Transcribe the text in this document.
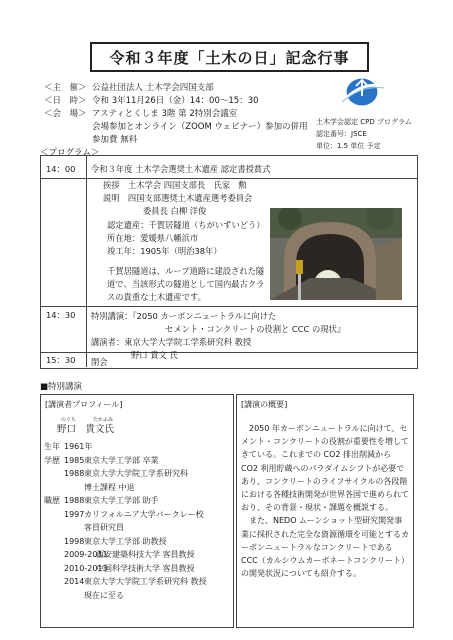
令和３年度「土木の日」記念行事
＜主　催＞ 公益社団法人 土木学会四国支部
＜日　時＞ 令和 3年11月26日（金）14：00～15：30
＜会　場＞ アスティとくしま 3階 第 2特別会議室
会場参加とオンライン（ZOOM ウェビナー）参加の併用
参加費 無料
土木学会認定 CPD プログラム
認定番号：JSCE
単位：1.5 単位 予定
＜プログラム＞
14：00
14：30
15：30
令和３年度 土木学会選奨土木遺産 認定書授賞式
挨拶　土木学会 四国支部長　氏家　勲
説明　四国支部選奨土木遺産選考委員会
委員長 白柳 洋俊
認定遺産：千賀居隧道（ちがいずいどう）
所在地：愛媛県八幡浜市
竣工年：1905年（明治38年）
千賀居隧道は、ループ道路に建設された隧
道で、当該形式の隧道として国内最古クラ
スの貴重な土木遺産です。
特別講演：『2050 カーボンニュートラルに向けた
セメント・コンクリートの役割と CCC の現状』
講演者：東京大学大学院工学系研究科 教授
野口 貴文 氏
閉会
■特別講演
[講演者プロフィール]
のぐち	たかふみ
野口　貴文氏
生年 1961年
学歴 1985 東京大学工学部 卒業
1988 東京大学大学院工学系研究科
博士課程 中退
職歴 1988 東京大学工学部 助手
1997 カリフォルニア大学バークレー校
客員研究員
1998 東京大学工学部 助教授
2009-2011
西安建築科技大学 客員教授
2010-2013
中国科学技術大学 客員教授
2014 東京大学大学院工学系研究科 教授
現在に至る
[講演の概要]

2050 年カーボンニュートラルに向けて、セメント・コンクリートの役割が重要性を増してきている。これまでの CO2 排出削減から CO2 利用貯蔵へのパラダイムシフトが必要であり、コンクリートのライフサイクルの各段階における各種技術開発が世界各国で進められており、その背景・現状・課題を概説する。

また、NEDO ムーンショット型研究開発事業に採択された完全な資源循環を可能とするカーボンニュートラルなコンクリートである CCC（カルシウムカーボネートコンクリート）の開発状況についても紹介する。
